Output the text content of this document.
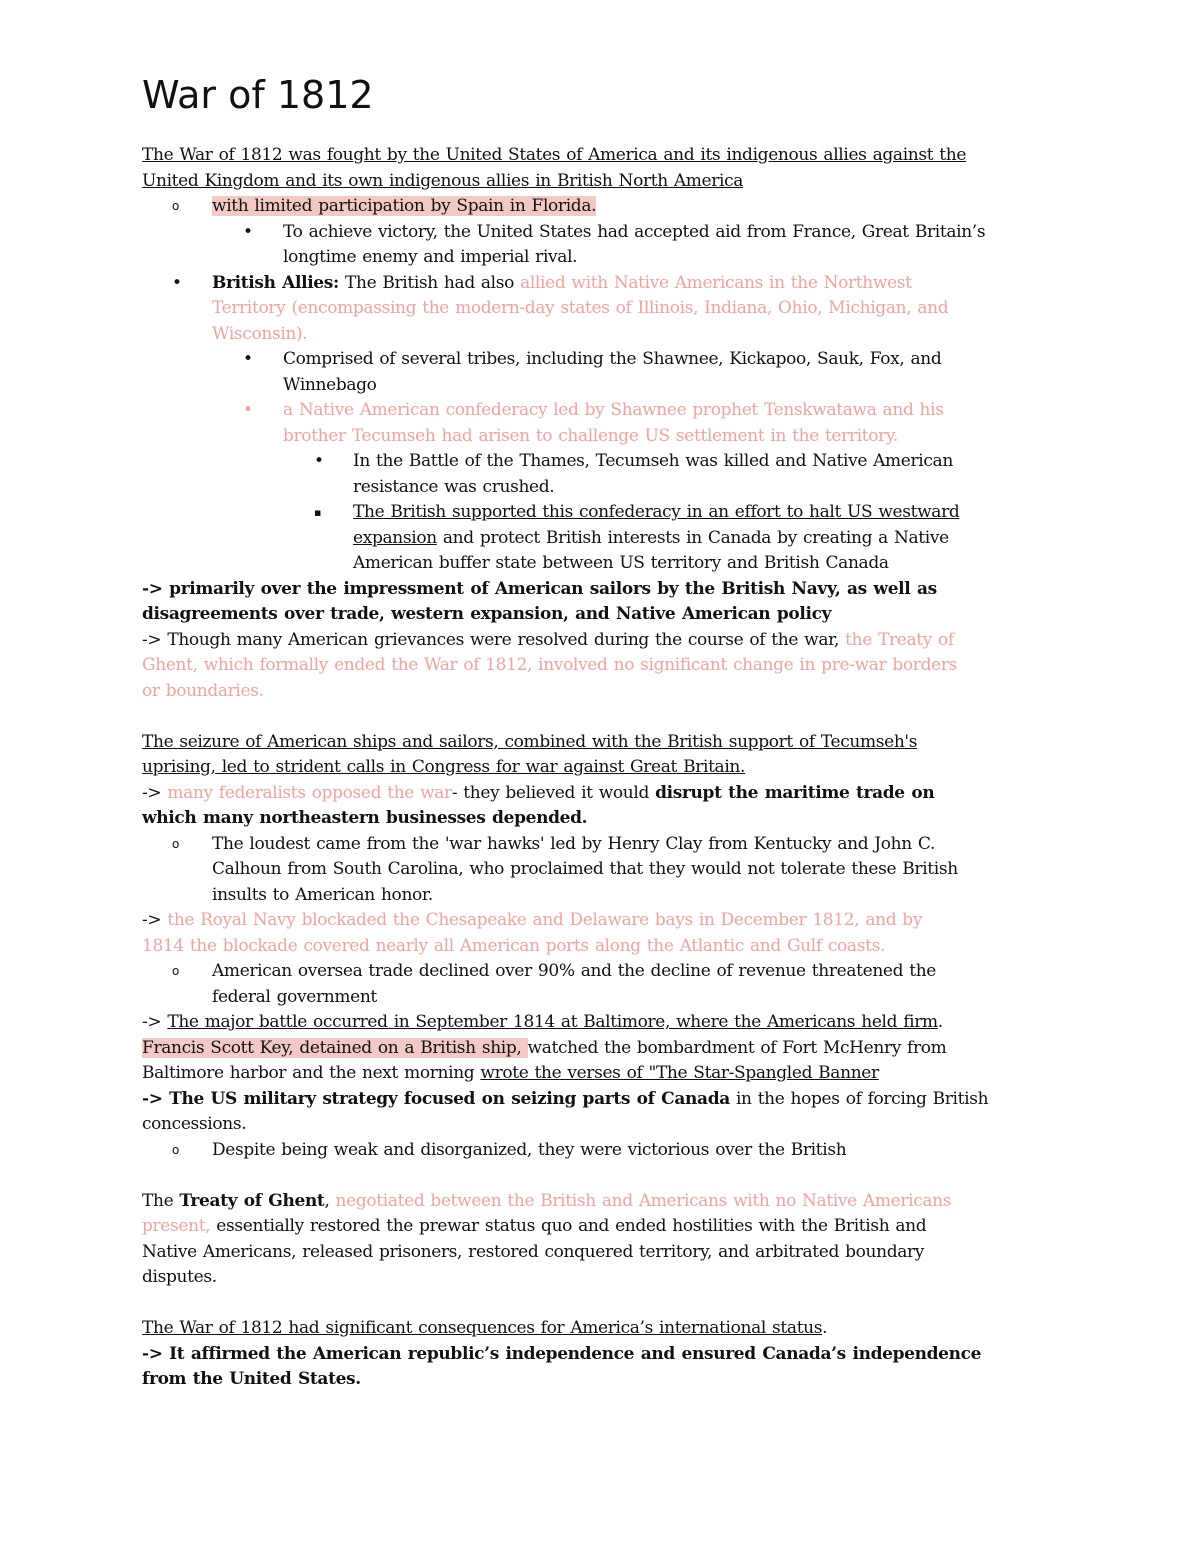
War of 1812
The War of 1812 was fought by the United States of America and its indigenous allies against the
United Kingdom and its own indigenous allies in British North America
o	with limited participation by Spain in Florida.
•	To achieve victory, the United States had accepted aid from France, Great Britain’s
longtime enemy and imperial rival.
•	British Allies: The British had also allied with Native Americans in the Northwest
Territory (encompassing the modern-day states of Illinois, Indiana, Ohio, Michigan, and
Wisconsin).
•	Comprised of several tribes, including the Shawnee, Kickapoo, Sauk, Fox, and
Winnebago
•	a Native American confederacy led by Shawnee prophet Tenskwatawa and his
brother Tecumseh had arisen to challenge US settlement in the territory.
•	In the Battle of the Thames, Tecumseh was killed and Native American
resistance was crushed.
▪	The British supported this confederacy in an effort to halt US westward
expansion and protect British interests in Canada by creating a Native
American buffer state between US territory and British Canada
-> primarily over the impressment of American sailors by the British Navy, as well as
disagreements over trade, western expansion, and Native American policy
-> Though many American grievances were resolved during the course of the war, the Treaty of
Ghent, which formally ended the War of 1812, involved no significant change in pre-war borders
or boundaries.
The seizure of American ships and sailors, combined with the British support of Tecumseh's
uprising, led to strident calls in Congress for war against Great Britain.
-> many federalists opposed the war- they believed it would disrupt the maritime trade on
which many northeastern businesses depended.
o	The loudest came from the 'war hawks' led by Henry Clay from Kentucky and John C.
Calhoun from South Carolina, who proclaimed that they would not tolerate these British
insults to American honor.
-> the Royal Navy blockaded the Chesapeake and Delaware bays in December 1812, and by
1814 the blockade covered nearly all American ports along the Atlantic and Gulf coasts.
o	American oversea trade declined over 90% and the decline of revenue threatened the
federal government
-> The major battle occurred in September 1814 at Baltimore, where the Americans held firm.
Francis Scott Key, detained on a British ship, watched the bombardment of Fort McHenry from
Baltimore harbor and the next morning wrote the verses of "The Star-Spangled Banner
-> The US military strategy focused on seizing parts of Canada in the hopes of forcing British
concessions.
o	Despite being weak and disorganized, they were victorious over the British
The Treaty of Ghent, negotiated between the British and Americans with no Native Americans
present, essentially restored the prewar status quo and ended hostilities with the British and
Native Americans, released prisoners, restored conquered territory, and arbitrated boundary
disputes.
The War of 1812 had significant consequences for America’s international status.
-> It affirmed the American republic’s independence and ensured Canada’s independence
from the United States.
